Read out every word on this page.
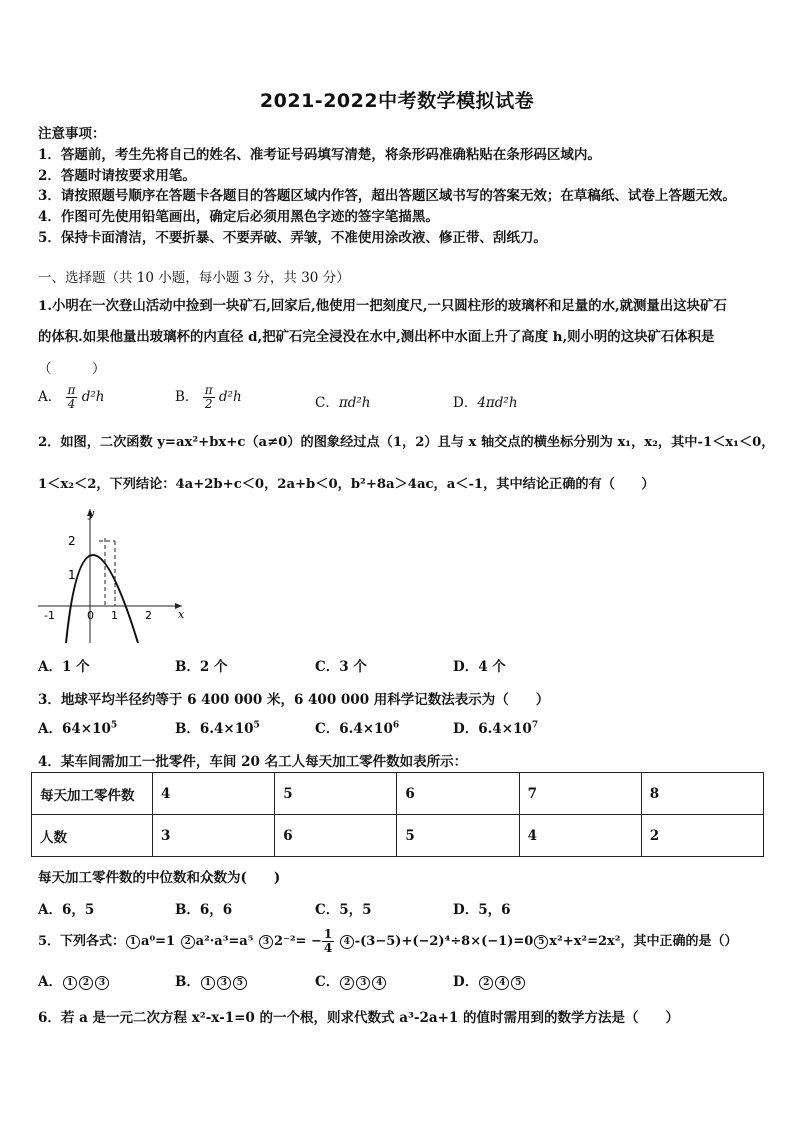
2021-2022中考数学模拟试卷
注意事项：
1．答题前，考生先将自己的姓名、准考证号码填写清楚，将条形码准确粘贴在条形码区域内。
2．答题时请按要求用笔。
3．请按照题号顺序在答题卡各题目的答题区域内作答，超出答题区域书写的答案无效；在草稿纸、试卷上答题无效。
4．作图可先使用铅笔画出，确定后必须用黑色字迹的签字笔描黑。
5．保持卡面清洁，不要折暴、不要弄破、弄皱，不准使用涂改液、修正带、刮纸刀。
一、选择题（共 10 小题，每小题 3 分，共 30 分）
1.小明在一次登山活动中捡到一块矿石,回家后,他使用一把刻度尺,一只圆柱形的玻璃杯和足量的水,就测量出这块矿石
的体积.如果他量出玻璃杯的内直径 d,把矿石完全浸没在水中,测出杯中水面上升了高度 h,则小明的这块矿石体积是
（　　　）
A． $\frac{\pi}{4} d^2h$	B． $\frac{\pi}{2} d^2h$	C．πd²h	D．4πd²h
2．如图，二次函数 y=ax²+bx+c（a≠0）的图象经过点（1，2）且与 x 轴交点的横坐标分别为 x₁，x₂，其中-1＜x₁＜0，
1＜x₂＜2，下列结论：4a+2b+c＜0，2a+b＜0，b²+8a＞4ac，a＜-1，其中结论正确的有（　　）
y
x
-1	0 1 2
1
2
A．1 个	B．2 个	C．3 个	D．4 个
3．地球平均半径约等于 6 400 000 米，6 400 000 用科学记数法表示为（　　）
A．$64\times 10^5$	B．$6.4\times 10^5$	C．$6.4\times 10^6$	D．$6.4\times 10^7$
4．某车间需加工一批零件，车间 20 名工人每天加工零件数如表所示：
每天加工零件数	4	5	6	7	8
人数	3	6	5	4	2
每天加工零件数的中位数和众数为(　　)
A．6，5	B．6，6	C．5，5	D．5，6
5．下列各式： 1 a⁰=1 2 a²·a³=a⁵ 3 $2^{-2}= - \frac{1}{4} 4$ -(3−5)+(−2)⁴÷8×(−1)=0 5 x²+x²=2x²，其中正确的是（）
A． 1 2 3	B． 1 3 5	C． 2 3 4	D． 2 4 5
6．若 a 是一元二次方程 x²-x-1=0 的一个根，则求代数式 a³-2a+1 的值时需用到的数学方法是（　　）
